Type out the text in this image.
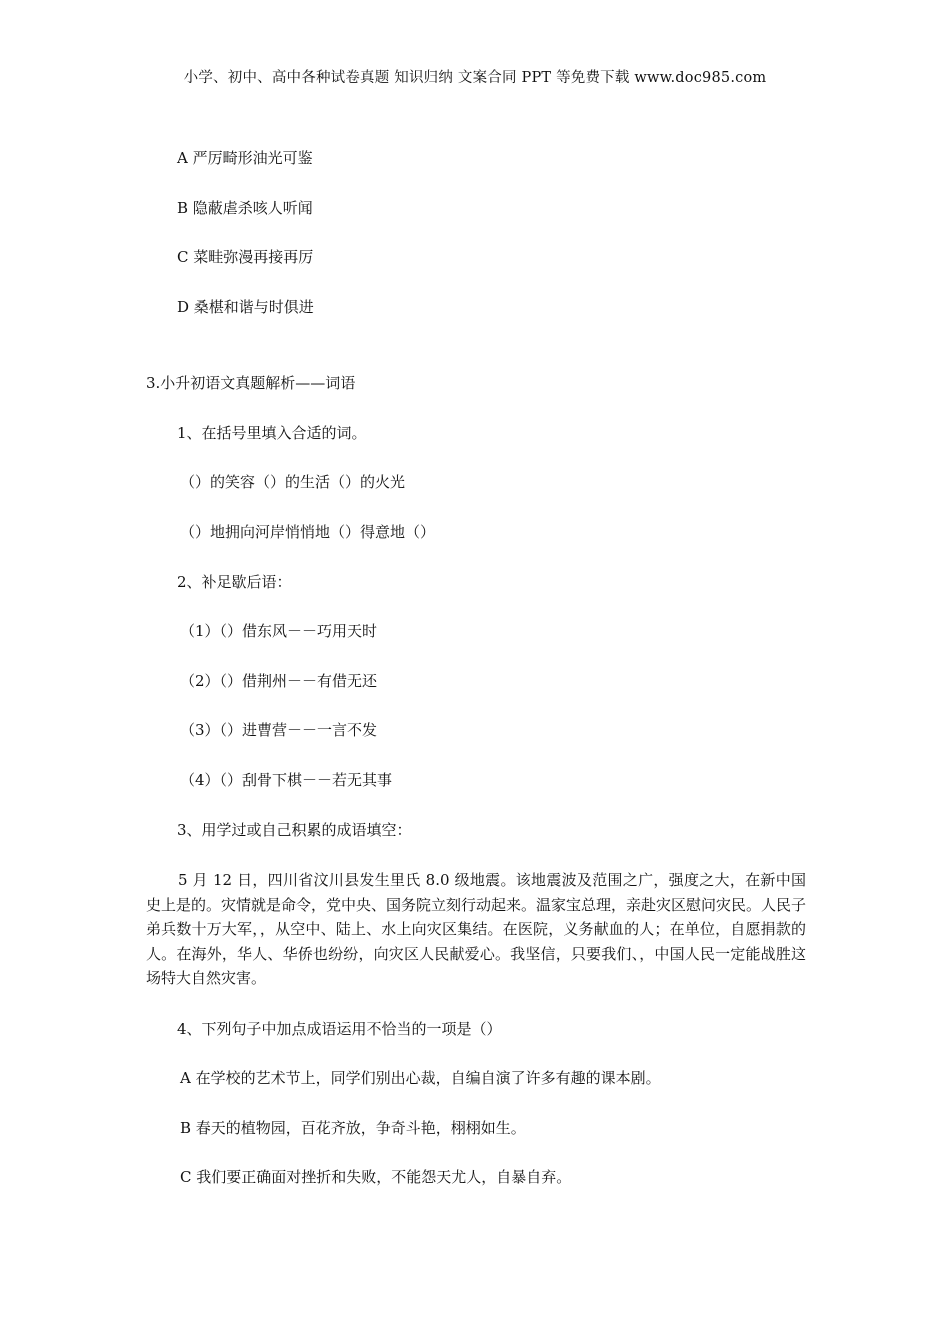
小学、初中、高中各种试卷真题 知识归纳 文案合同 PPT 等免费下载 www.doc985.com
A 严厉畸形油光可鉴
B 隐蔽虐杀咳人听闻
C 菜畦弥漫再接再厉
D 桑椹和谐与时俱进
3.小升初语文真题解析——词语
1、在括号里填入合适的词。
（）的笑容（）的生活（）的火光
（）地拥向河岸悄悄地（）得意地（）
2、补足歇后语：
（1）（）借东风－－巧用天时
（2）（）借荆州－－有借无还
（3）（）进曹营－－一言不发
（4）（）刮骨下棋－－若无其事
3、用学过或自己积累的成语填空：
5 月 12 日，四川省汶川县发生里氏 8.0 级地震。该地震波及范围之广，强度之大，在新中国史上是的。灾情就是命令，党中央、国务院立刻行动起来。温家宝总理，亲赴灾区慰问灾民。人民子弟兵数十万大军，，从空中、陆上、水上向灾区集结。在医院，义务献血的人；在单位，自愿捐款的人。在海外，华人、华侨也纷纷，向灾区人民献爱心。我坚信，只要我们、，中国人民一定能战胜这场特大自然灾害。
4、下列句子中加点成语运用不恰当的一项是（）
A 在学校的艺术节上，同学们别出心裁，自编自演了许多有趣的课本剧。
B 春天的植物园，百花齐放，争奇斗艳，栩栩如生。
C 我们要正确面对挫折和失败，不能怨天尤人，自暴自弃。
